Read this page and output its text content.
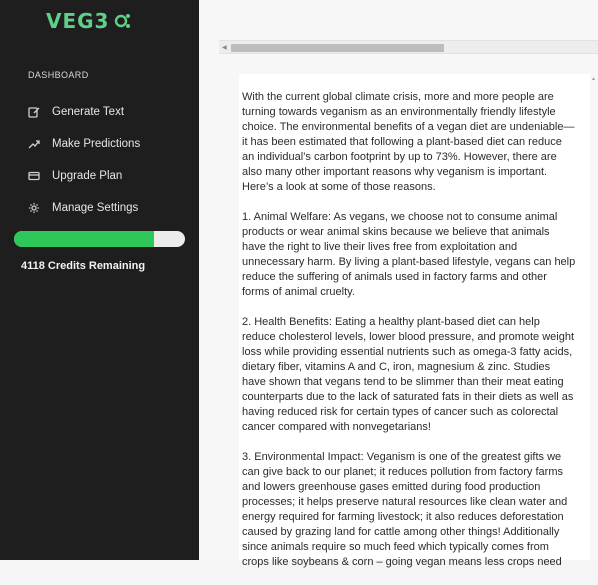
VEG3
DASHBOARD
Generate Text
Make Predictions
Upgrade Plan
Manage Settings
4118 Credits Remaining
◀

With the current global climate crisis, more and more people are turning towards veganism as an environmentally friendly lifestyle choice. The environmental benefits of a vegan diet are undeniable—it has been estimated that following a plant-based diet can reduce an individual’s carbon footprint by up to 73%. However, there are also many other important reasons why veganism is important. Here’s a look at some of those reasons.

1. Animal Welfare: As vegans, we choose not to consume animal products or wear animal skins because we believe that animals have the right to live their lives free from exploitation and unnecessary harm. By living a plant-based lifestyle, vegans can help reduce the suffering of animals used in factory farms and other forms of animal cruelty.

2. Health Benefits: Eating a healthy plant-based diet can help reduce cholesterol levels, lower blood pressure, and promote weight loss while providing essential nutrients such as omega-3 fatty acids, dietary fiber, vitamins A and C, iron, magnesium & zinc. Studies have shown that vegans tend to be slimmer than their meat eating counterparts due to the lack of saturated fats in their diets as well as having reduced risk for certain types of cancer such as colorectal cancer compared with nonvegetarians!

3. Environmental Impact: Veganism is one of the greatest gifts we can give back to our planet; it reduces pollution from factory farms and lowers greenhouse gases emitted during food production processes; it helps preserve natural resources like clean water and energy required for farming livestock; it also reduces deforestation caused by grazing land for cattle among other things! Additionally since animals require so much feed which typically comes from crops like soybeans & corn – going vegan means less crops need

▲
